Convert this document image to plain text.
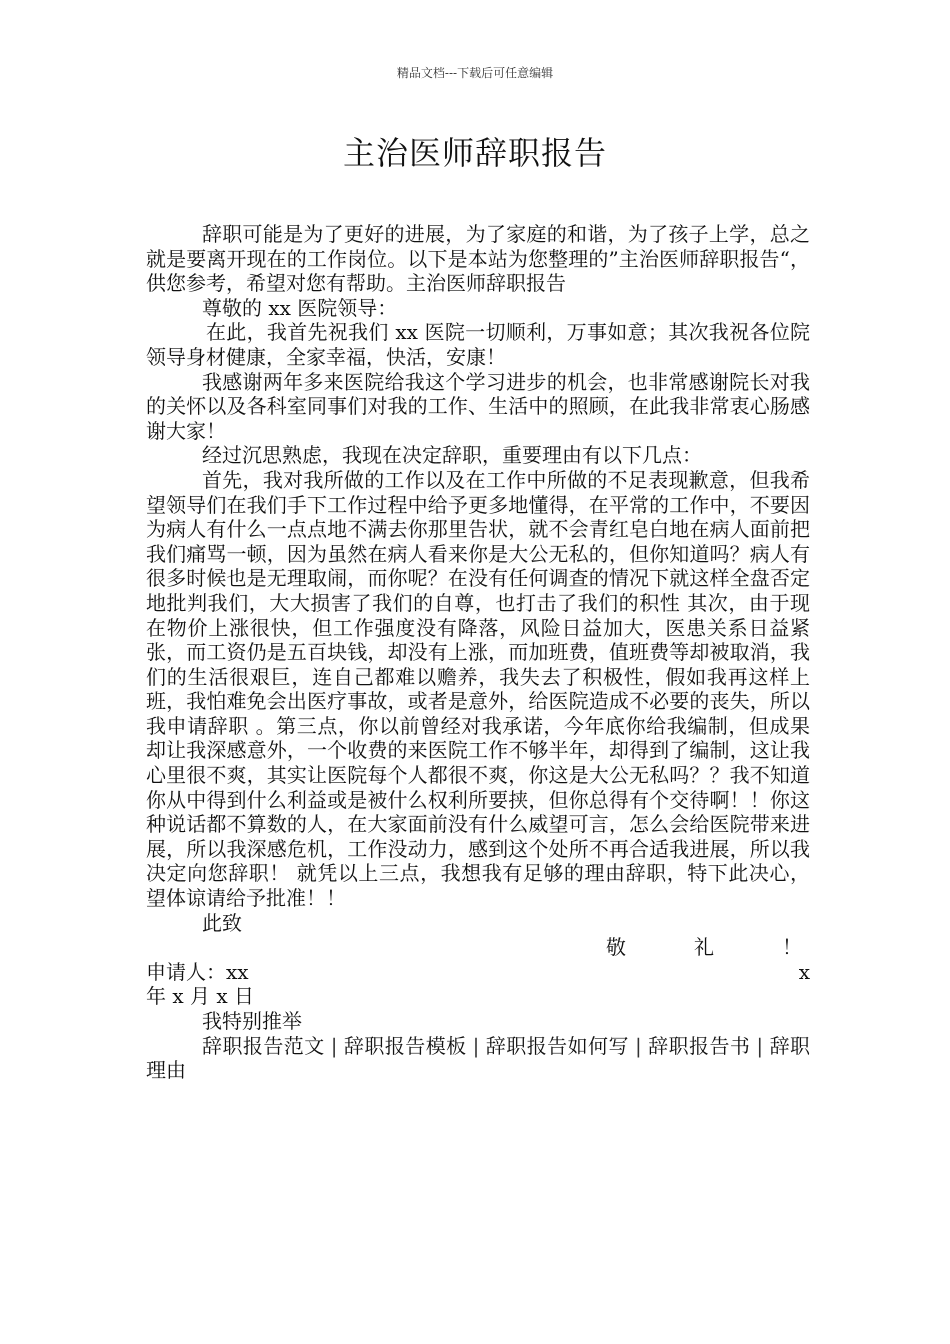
精品文档---下载后可任意编辑
主治医师辞职报告

辞职可能是为了更好的进展，为了家庭的和谐，为了孩子上学，总之就是要离开现在的工作岗位。以下是本站为您整理的”主治医师辞职报告“，供您参考，希望对您有帮助。主治医师辞职报告

尊敬的 xx 医院领导：

在此，我首先祝我们 xx 医院一切顺利，万事如意；其次我祝各位院领导身材健康，全家幸福，快活，安康！

我感谢两年多来医院给我这个学习进步的机会，也非常感谢院长对我的关怀以及各科室同事们对我的工作、生活中的照顾，在此我非常衷心肠感谢大家！

经过沉思熟虑，我现在决定辞职，重要理由有以下几点：

首先，我对我所做的工作以及在工作中所做的不足表现歉意，但我希望领导们在我们手下工作过程中给予更多地懂得，在平常的工作中，不要因为病人有什么一点点地不满去你那里告状，就不会青红皂白地在病人面前把我们痛骂一顿，因为虽然在病人看来你是大公无私的，但你知道吗？病人有很多时候也是无理取闹，而你呢？在没有任何调查的情况下就这样全盘否定地批判我们，大大损害了我们的自尊，也打击了我们的积性 其次，由于现在物价上涨很快，但工作强度没有降落，风险日益加大，医患关系日益紧张，而工资仍是五百块钱，却没有上涨，而加班费，值班费等却被取消，我们的生活很艰巨，连自己都难以赡养，我失去了积极性，假如我再这样上班，我怕难免会出医疗事故，或者是意外，给医院造成不必要的丧失，所以我申请辞职 。第三点，你以前曾经对我承诺，今年底你给我编制，但成果却让我深感意外，一个收费的来医院工作不够半年，却得到了编制，这让我心里很不爽，其实让医院每个人都很不爽，你这是大公无私吗？？我不知道你从中得到什么利益或是被什么权利所要挟，但你总得有个交待啊！！你这种说话都不算数的人，在大家面前没有什么威望可言，怎么会给医院带来进展，所以我深感危机，工作没动力，感到这个处所不再合适我进展，所以我决定向您辞职！ 就凭以上三点，我想我有足够的理由辞职，特下此决心，望体谅请给予批准！！

此致

敬	礼	！
申请人：xx	x

年 x 月 x 日

我特别推举

辞职报告范文 | 辞职报告模板 | 辞职报告如何写 | 辞职报告书 | 辞职理由
